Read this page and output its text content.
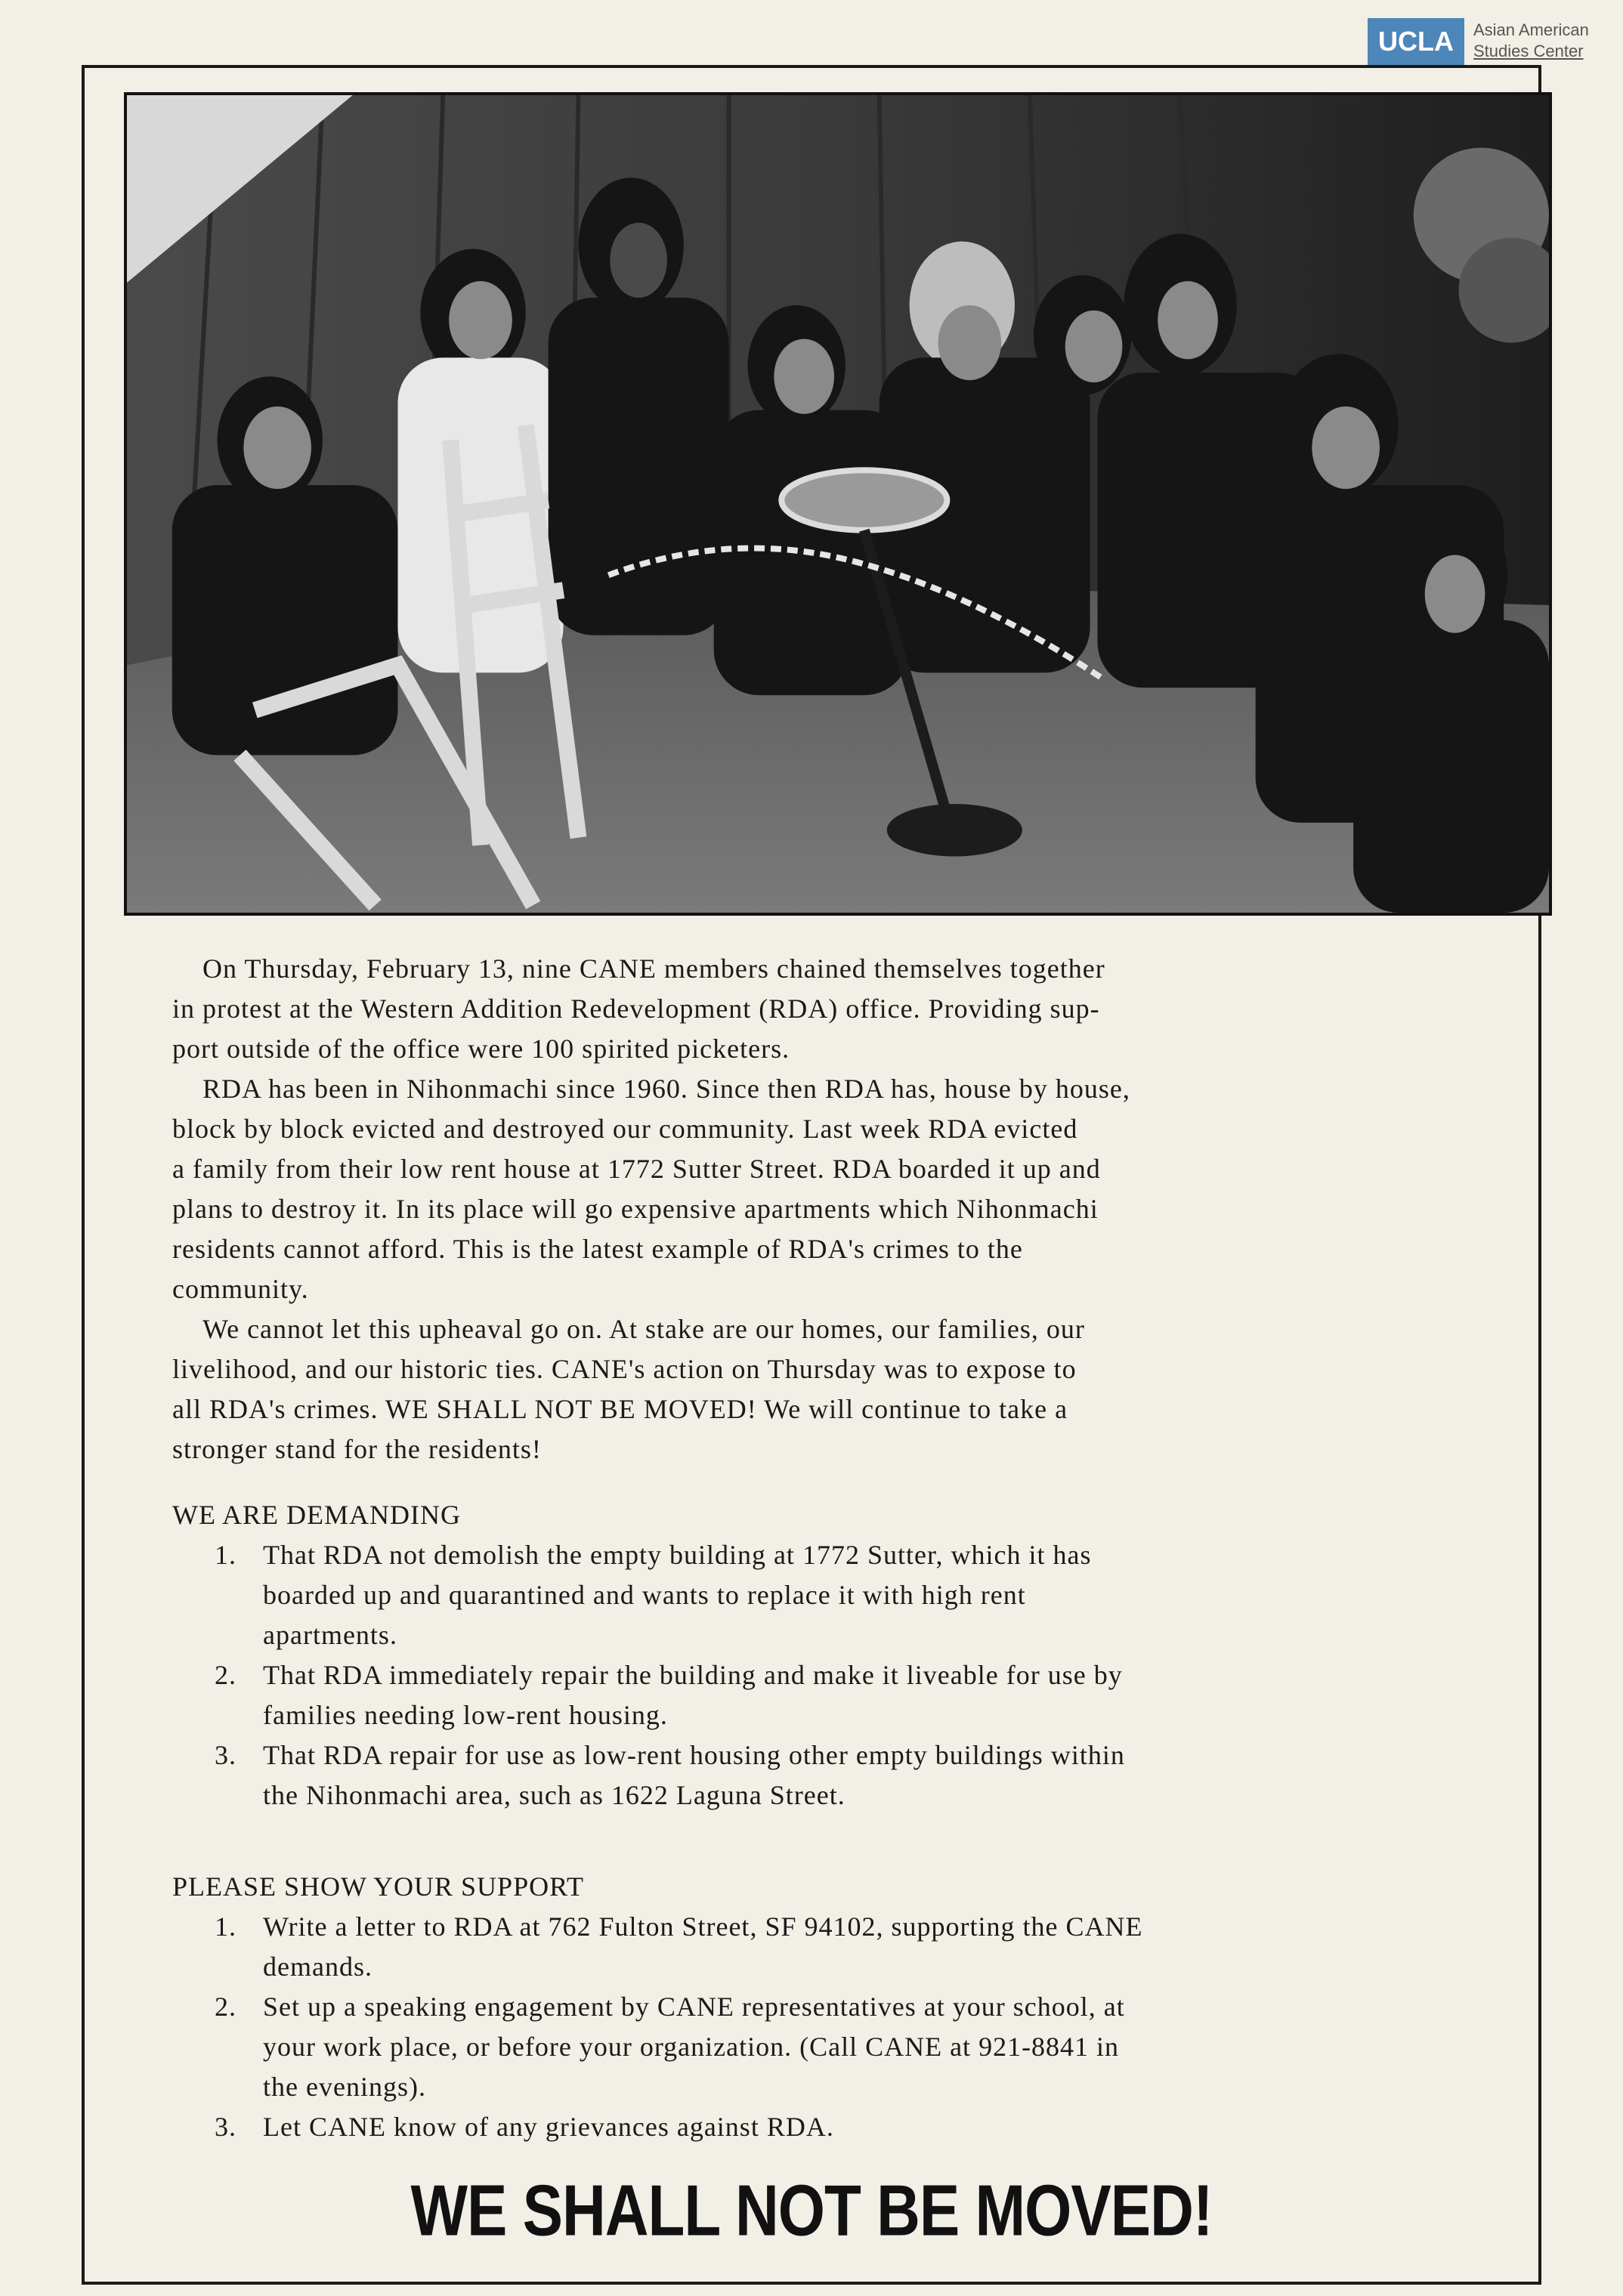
UCLA	Asian American
Studies Center
On Thursday, February 13, nine CANE members chained themselves together
in protest at the Western Addition Redevelopment (RDA) office. Providing sup-
port outside of the office were 100 spirited picketers.
RDA has been in Nihonmachi since 1960. Since then RDA has, house by house,
block by block evicted and destroyed our community. Last week RDA evicted
a family from their low rent house at 1772 Sutter Street. RDA boarded it up and
plans to destroy it. In its place will go expensive apartments which Nihonmachi
residents cannot afford. This is the latest example of RDA's crimes to the
community.
We cannot let this upheaval go on. At stake are our homes, our families, our
livelihood, and our historic ties. CANE's action on Thursday was to expose to
all RDA's crimes. WE SHALL NOT BE MOVED! We will continue to take a
stronger stand for the residents!
WE ARE DEMANDING
1. That RDA not demolish the empty building at 1772 Sutter, which it has
boarded up and quarantined and wants to replace it with high rent
apartments.
2. That RDA immediately repair the building and make it liveable for use by
families needing low-rent housing.
3. That RDA repair for use as low-rent housing other empty buildings within
the Nihonmachi area, such as 1622 Laguna Street.
PLEASE SHOW YOUR SUPPORT
1. Write a letter to RDA at 762 Fulton Street, SF 94102, supporting the CANE
demands.
2. Set up a speaking engagement by CANE representatives at your school, at
your work place, or before your organization. (Call CANE at 921-8841 in
the evenings).
3. Let CANE know of any grievances against RDA.
WE SHALL NOT BE MOVED!
